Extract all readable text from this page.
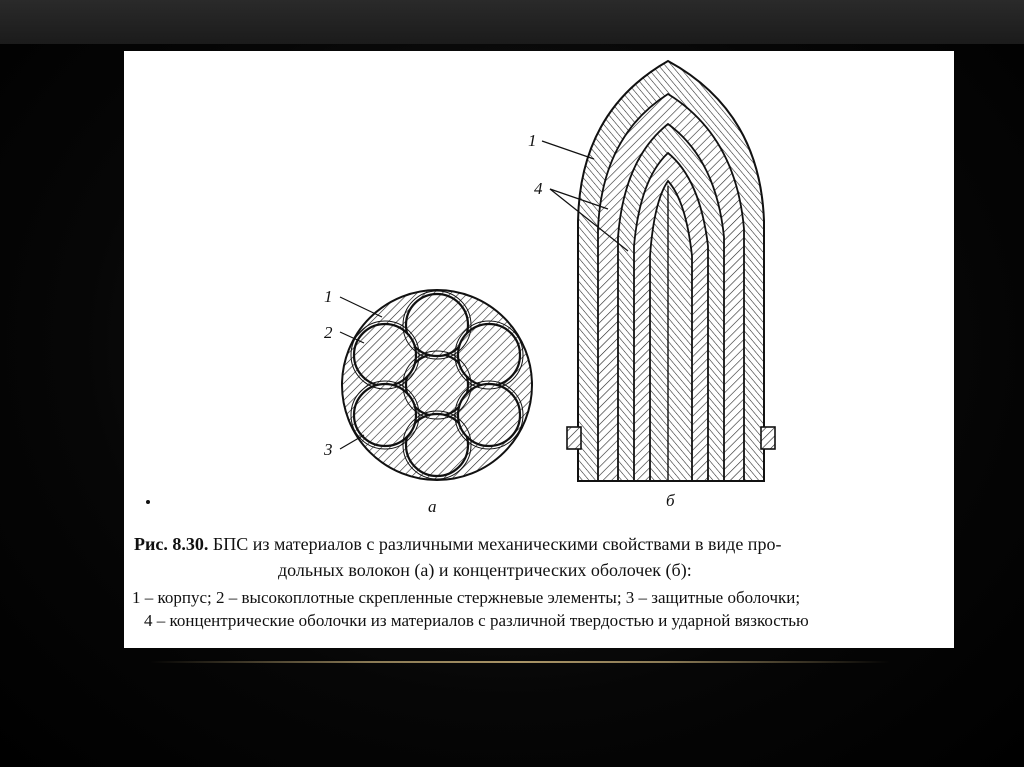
1
2
3
а
1
4
б
Рис. 8.30. БПС из материалов с различными механическими свойствами в виде про-
дольных волокон (а) и концентрических оболочек (б):
1 – корпус; 2 – высокоплотные скрепленные стержневые элементы; 3 – защитные оболочки;
4 – концентрические оболочки из материалов с различной твердостью и ударной вязкостью
